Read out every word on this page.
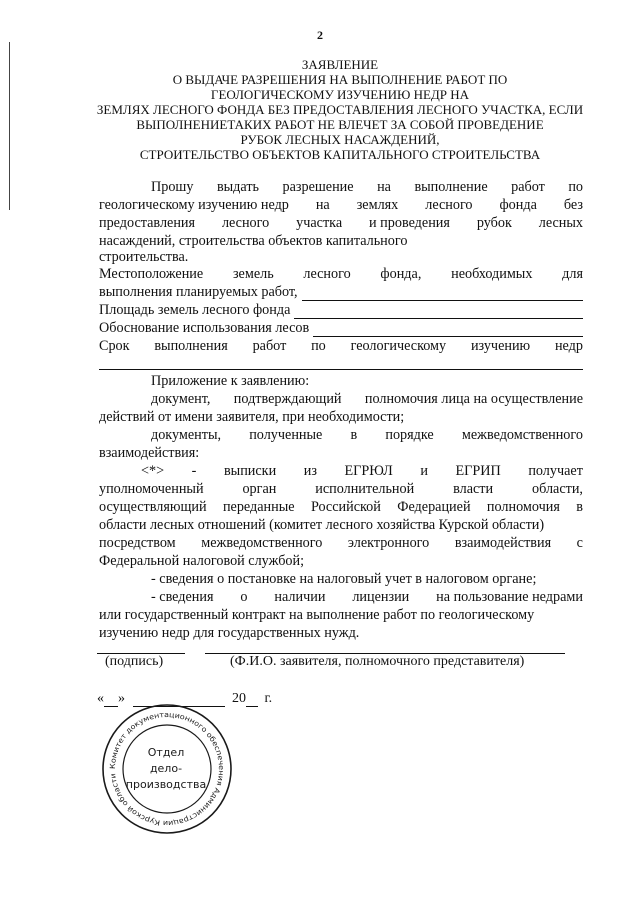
2
ЗАЯВЛЕНИЕ
О ВЫДАЧЕ РАЗРЕШЕНИЯ НА ВЫПОЛНЕНИЕ РАБОТ ПО
ГЕОЛОГИЧЕСКОМУ ИЗУЧЕНИЮ НЕДР НА
ЗЕМЛЯХ ЛЕСНОГО ФОНДА БЕЗ ПРЕДОСТАВЛЕНИЯ ЛЕСНОГО УЧАСТКА, ЕСЛИ
ВЫПОЛНЕНИЕТАКИХ РАБОТ НЕ ВЛЕЧЕТ ЗА СОБОЙ ПРОВЕДЕНИЕ
РУБОК ЛЕСНЫХ НАСАЖДЕНИЙ,
СТРОИТЕЛЬСТВО ОБЪЕКТОВ КАПИТАЛЬНОГО СТРОИТЕЛЬСТВА
Прошу выдать разрешение на выполнение работ по
геологическому изучению недр на землях лесного фонда без
предоставления лесного участка и проведения рубок лесных
насаждений, строительства объектов капитального
строительства.
Местоположение земель лесного фонда, необходимых для
выполнения планируемых работ,
Площадь земель лесного фонда
Обоснование использования лесов
Срок выполнения работ по геологическому изучению недр
Приложение к заявлению:
документ, подтверждающий полномочия лица на осуществление
действий от имени заявителя, при необходимости;
документы, полученные в порядке межведомственного
взаимодействия:
<*> - выписки из ЕГРЮЛ и ЕГРИП получает
уполномоченный	орган	исполнительной	власти	области,
осуществляющий переданные Российской Федерацией полномочия в
области лесных отношений (комитет лесного хозяйства Курской области)
посредством межведомственного электронного взаимодействия с
Федеральной налоговой службой;
- сведения о постановке на налоговый учет в налоговом органе;
- сведения о наличии лицензии на пользование недрами
или государственный контракт на выполнение работ по геологическому
изучению недр для государственных нужд.
(подпись)	(Ф.И.О. заявителя, полномочного представителя)
« »	20 г.
Комитет документационного обеспечения Администрации Курской области
Отдел
дело-
производства
